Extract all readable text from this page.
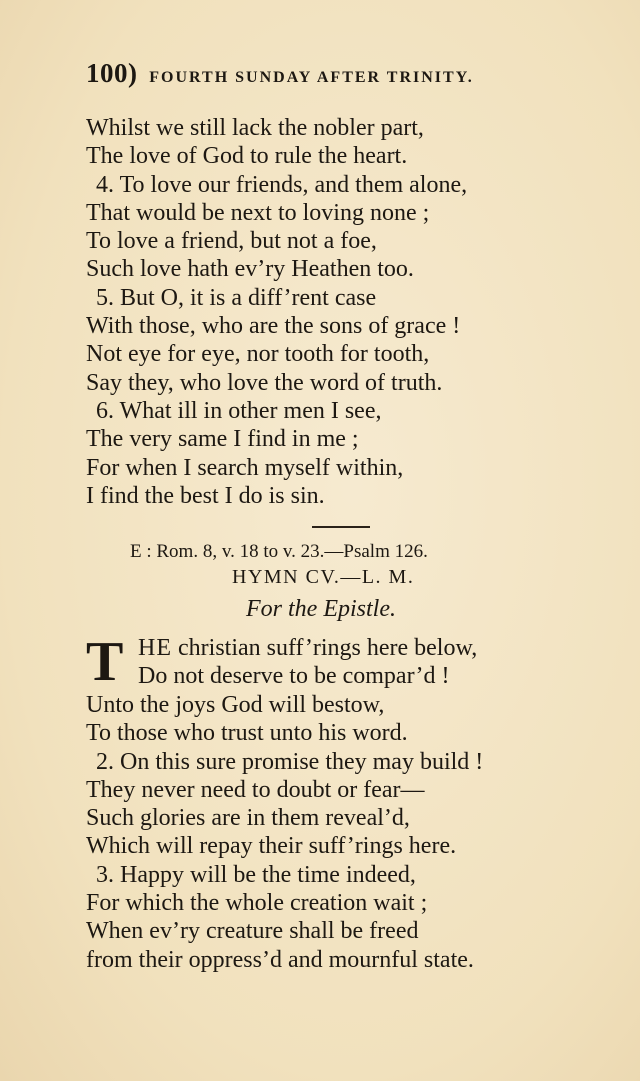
100) FOURTH SUNDAY AFTER TRINITY.
Whilst we still lack the nobler part,
The love of God to rule the heart.
4. To love our friends, and them alone,
That would be next to loving none ;
To love a friend, but not a foe,
Such love hath ev’ry Heathen too.
5. But O, it is a diff’rent case
With those, who are the sons of grace !
Not eye for eye, nor tooth for tooth,
Say they, who love the word of truth.
6. What ill in other men I see,
The very same I find in me ;
For when I search myself within,
I find the best I do is sin.
E : Rom. 8, v. 18 to v. 23.—Psalm 126.
HYMN CV.—L. M.
For the Epistle.
T HE christian suff’rings here below,
Do not deserve to be compar’d !
Unto the joys God will bestow,
To those who trust unto his word.
2. On this sure promise they may build !
They never need to doubt or fear—
Such glories are in them reveal’d,
Which will repay their suff’rings here.
3. Happy will be the time indeed,
For which the whole creation wait ;
When ev’ry creature shall be freed
from their oppress’d and mournful state.
